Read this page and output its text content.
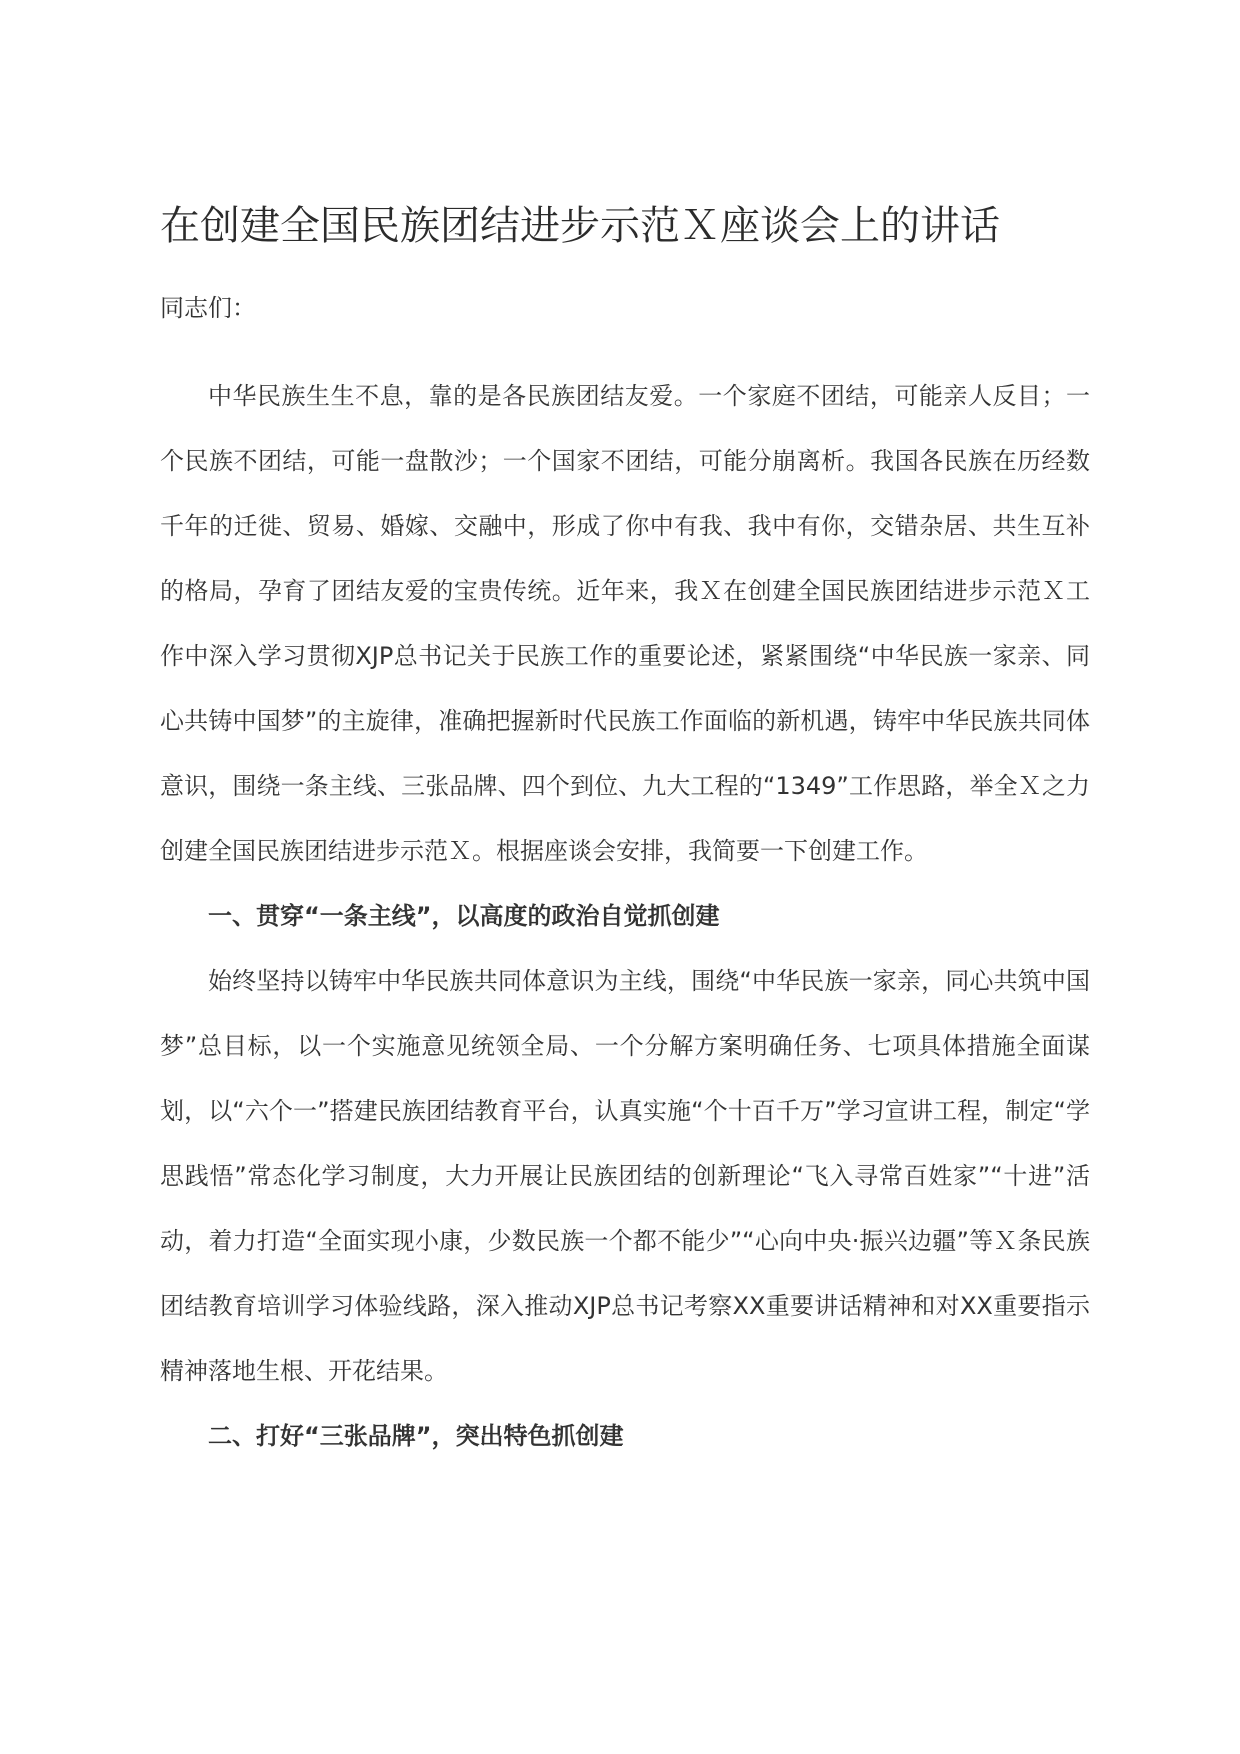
在创建全国民族团结进步示范Ｘ座谈会上的讲话

同志们：

中华民族生生不息，靠的是各民族团结友爱。一个家庭不团结，可能亲人反目；一个民族不团结，可能一盘散沙；一个国家不团结，可能分崩离析。我国各民族在历经数千年的迁徙、贸易、婚嫁、交融中，形成了你中有我、我中有你，交错杂居、共生互补的格局，孕育了团结友爱的宝贵传统。近年来，我Ｘ在创建全国民族团结进步示范Ｘ工作中深入学习贯彻XJP总书记关于民族工作的重要论述，紧紧围绕“中华民族一家亲、同心共铸中国梦”的主旋律，准确把握新时代民族工作面临的新机遇，铸牢中华民族共同体意识，围绕一条主线、三张品牌、四个到位、九大工程的“1349”工作思路，举全Ｘ之力创建全国民族团结进步示范Ｘ。根据座谈会安排，我简要一下创建工作。

一、贯穿“一条主线”，以高度的政治自觉抓创建

始终坚持以铸牢中华民族共同体意识为主线，围绕“中华民族一家亲，同心共筑中国梦”总目标，以一个实施意见统领全局、一个分解方案明确任务、七项具体措施全面谋划，以“六个一”搭建民族团结教育平台，认真实施“个十百千万”学习宣讲工程，制定“学思践悟”常态化学习制度，大力开展让民族团结的创新理论“飞入寻常百姓家”“十进”活动，着力打造“全面实现小康，少数民族一个都不能少”“心向中央·振兴边疆”等Ｘ条民族团结教育培训学习体验线路，深入推动XJP总书记考察XX重要讲话精神和对XX重要指示精神落地生根、开花结果。

二、打好“三张品牌”，突出特色抓创建
